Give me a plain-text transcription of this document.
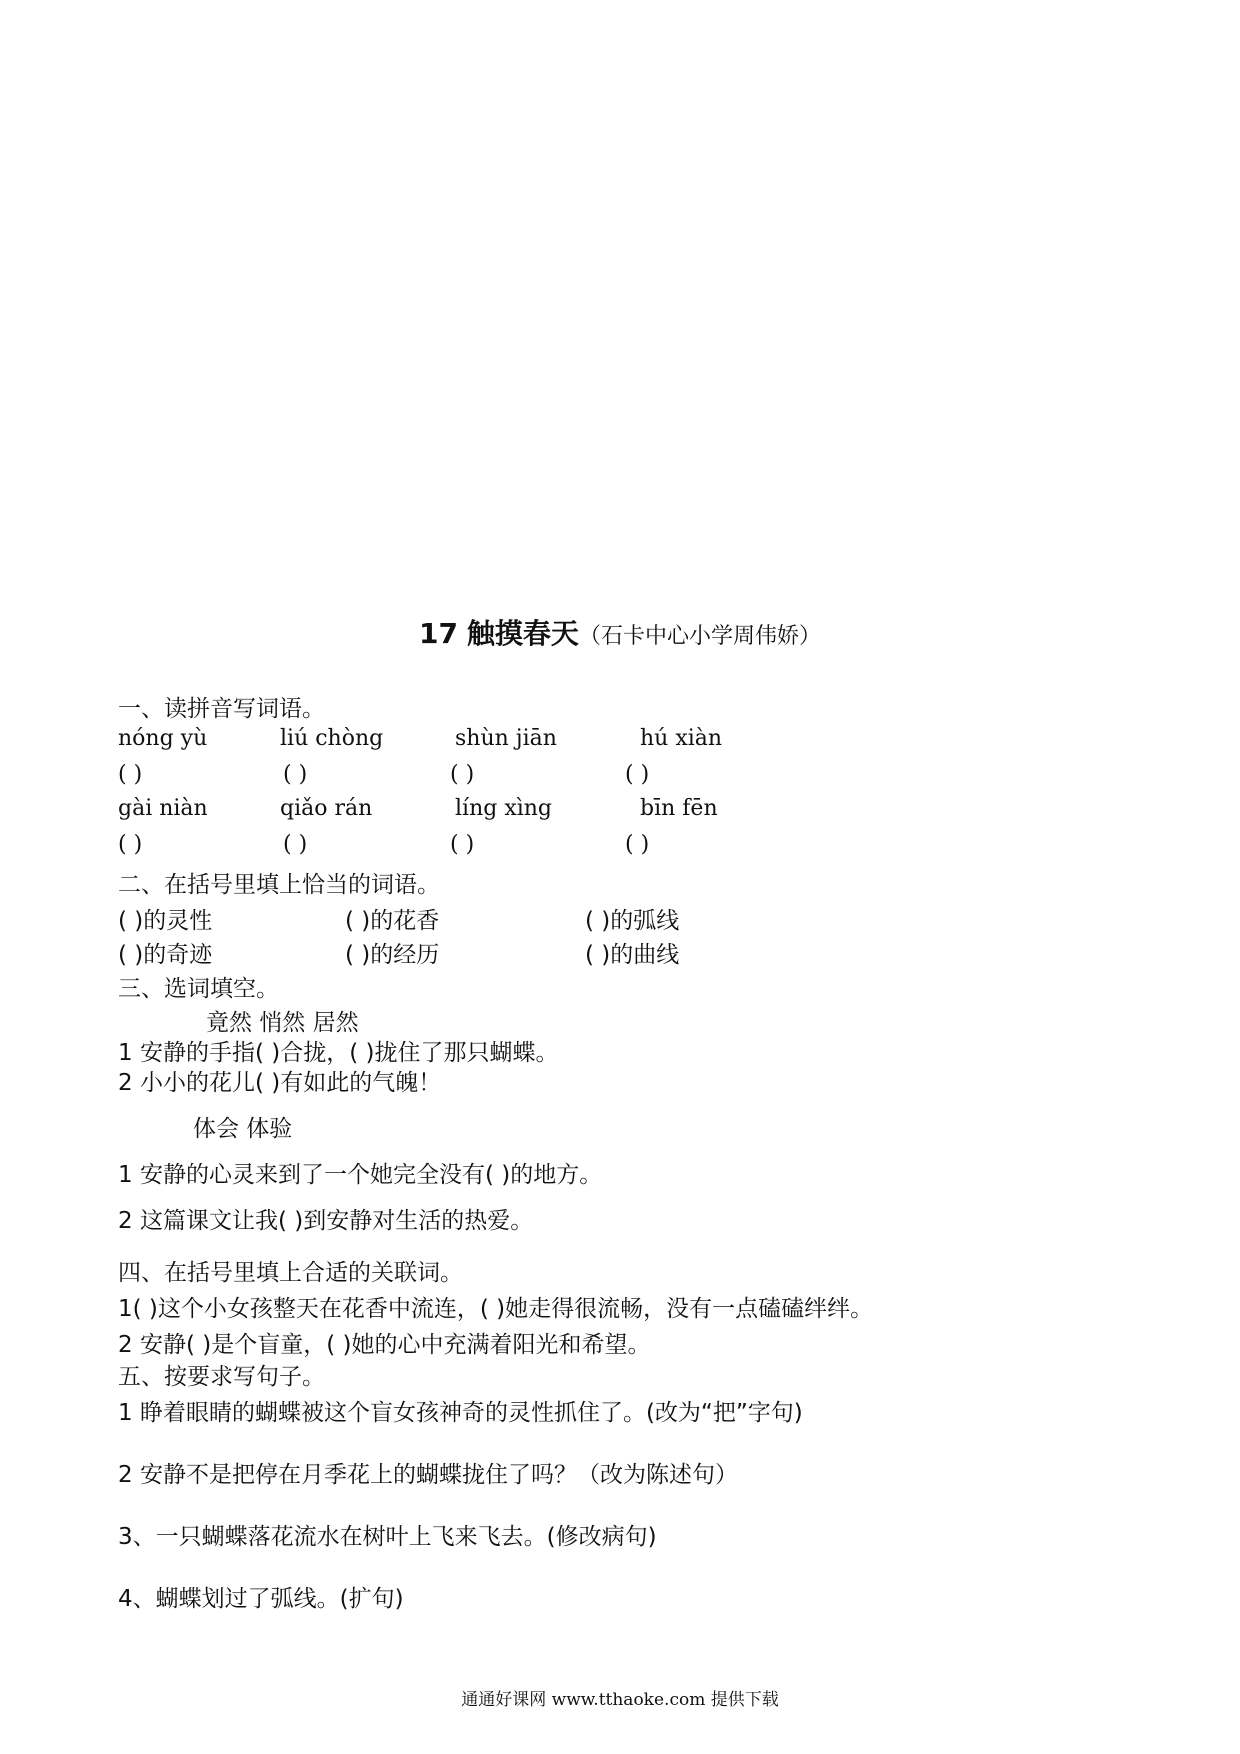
17 触摸春天（石卡中心小学周伟娇）
一、读拼音写词语。
nóng yù	liú chòng	shùn jiān	hú xiàn
( )	( )	( )	( )
gài niàn	qiǎo rán	líng xìng	bīn fēn
( )	( )	( )	( )
二、在括号里填上恰当的词语。
( )的灵性	( )的花香	( )的弧线
( )的奇迹	( )的经历	( )的曲线
三、选词填空。
竟然 悄然 居然
1 安静的手指( )合拢，( )拢住了那只蝴蝶。
2 小小的花儿( )有如此的气魄！
体会 体验
1 安静的心灵来到了一个她完全没有( )的地方。
2 这篇课文让我( )到安静对生活的热爱。
四、在括号里填上合适的关联词。
1( )这个小女孩整天在花香中流连，( )她走得很流畅，没有一点磕磕绊绊。
2 安静( )是个盲童，( )她的心中充满着阳光和希望。
五、按要求写句子。
1 睁着眼睛的蝴蝶被这个盲女孩神奇的灵性抓住了。(改为“把”字句)
2 安静不是把停在月季花上的蝴蝶拢住了吗？（改为陈述句）
3、一只蝴蝶落花流水在树叶上飞来飞去。(修改病句)
4、蝴蝶划过了弧线。(扩句)
通通好课网 www.tthaoke.com 提供下载
